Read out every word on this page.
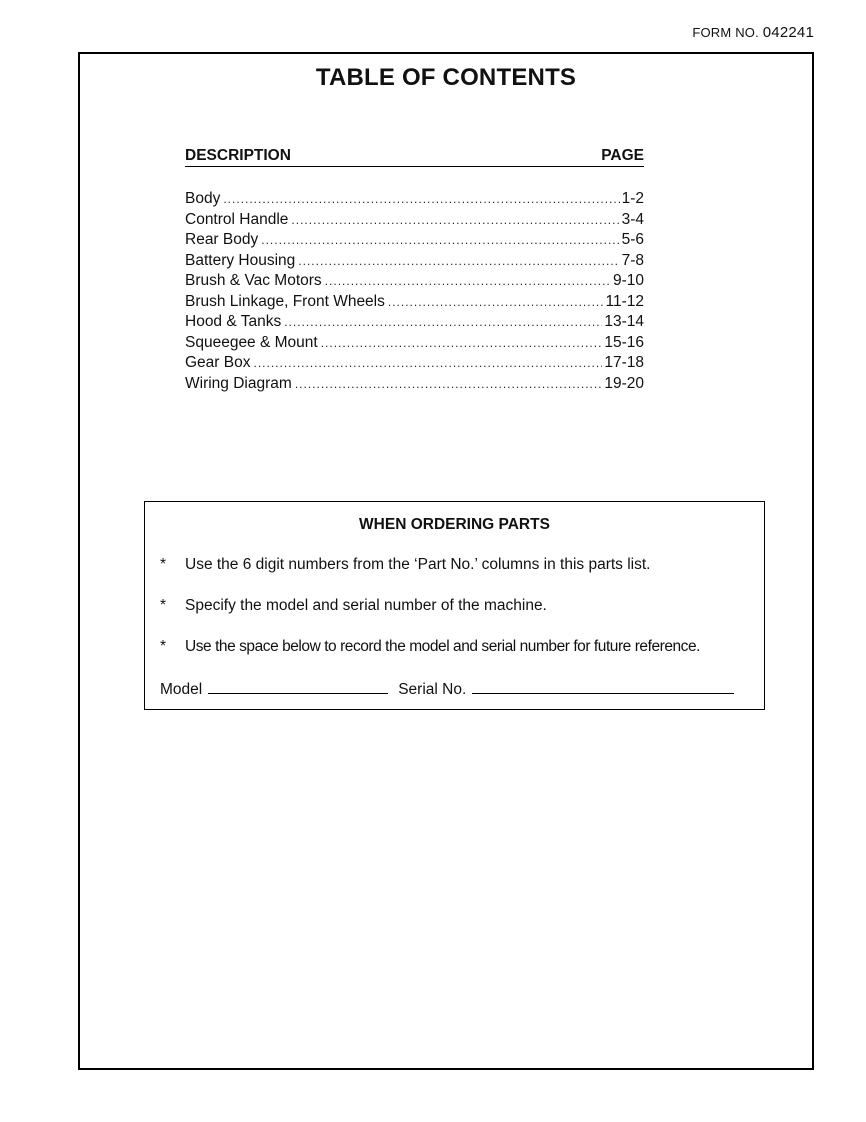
FORM NO. 042241
TABLE OF CONTENTS
DESCRIPTION	PAGE
Body .....	1-2
Control Handle .....	3-4
Rear Body .....	5-6
Battery Housing .....	7-8
Brush & Vac Motors .....	9-10
Brush Linkage, Front Wheels .....	11-12
Hood & Tanks .....	13-14
Squeegee & Mount .....	15-16
Gear Box .....	17-18
Wiring Diagram .....	19-20
WHEN ORDERING PARTS
*	Use the 6 digit numbers from the ‘Part No.’ columns in this parts list.
*	Specify the model and serial number of the machine.
*	Use the space below to record the model and serial number for future reference.
Model	Serial No.
